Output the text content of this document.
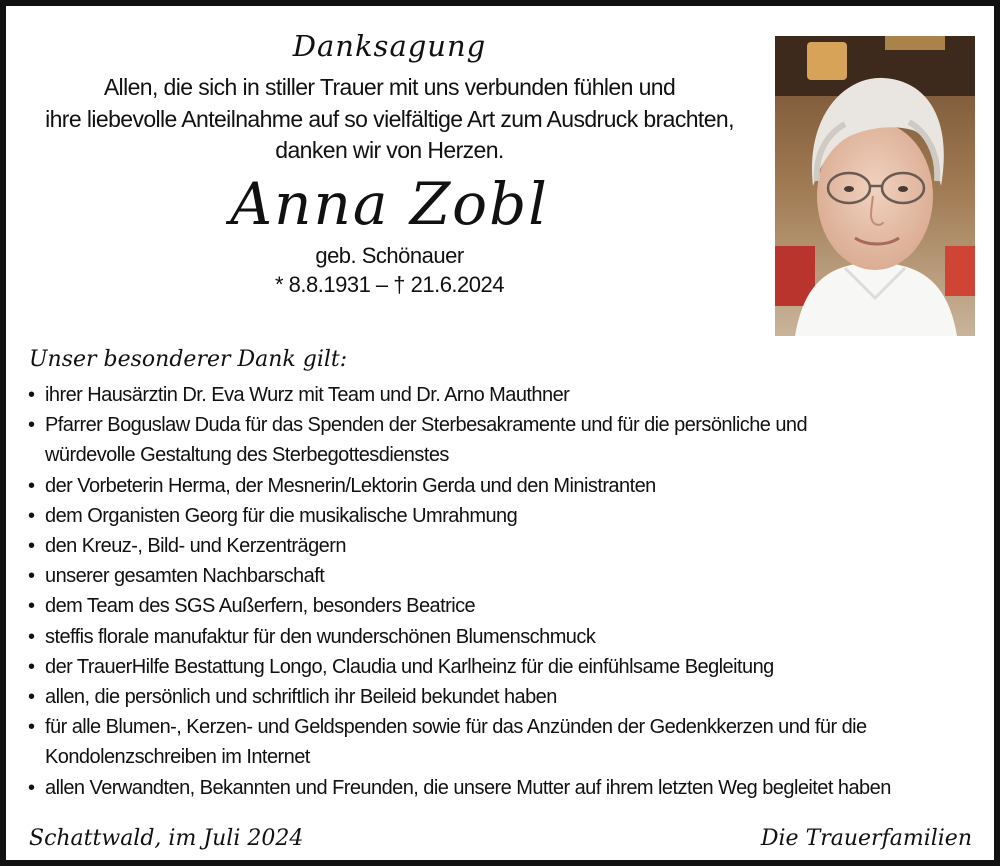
Danksagung

Allen, die sich in stiller Trauer mit uns verbunden fühlen und
ihre liebevolle Anteilnahme auf so vielfältige Art zum Ausdruck brachten,
danken wir von Herzen.

Anna Zobl

geb. Schönauer

* 8.8.1931 – † 21.6.2024

Unser besonderer Dank gilt:

• ihrer Hausärztin Dr. Eva Wurz mit Team und Dr. Arno Mauthner
• Pfarrer Boguslaw Duda für das Spenden der Sterbesakramente und für die persönliche und
würdevolle Gestaltung des Sterbegottesdienstes
• der Vorbeterin Herma, der Mesnerin/Lektorin Gerda und den Ministranten
• dem Organisten Georg für die musikalische Umrahmung
• den Kreuz-, Bild- und Kerzenträgern
• unserer gesamten Nachbarschaft
• dem Team des SGS Außerfern, besonders Beatrice
• steffis florale manufaktur für den wunderschönen Blumenschmuck
• der TrauerHilfe Bestattung Longo, Claudia und Karlheinz für die einfühlsame Begleitung
• allen, die persönlich und schriftlich ihr Beileid bekundet haben
• für alle Blumen-, Kerzen- und Geldspenden sowie für das Anzünden der Gedenkkerzen und für die
Kondolenzschreiben im Internet
• allen Verwandten, Bekannten und Freunden, die unsere Mutter auf ihrem letzten Weg begleitet haben
Schattwald, im Juli 2024	Die Trauerfamilien
